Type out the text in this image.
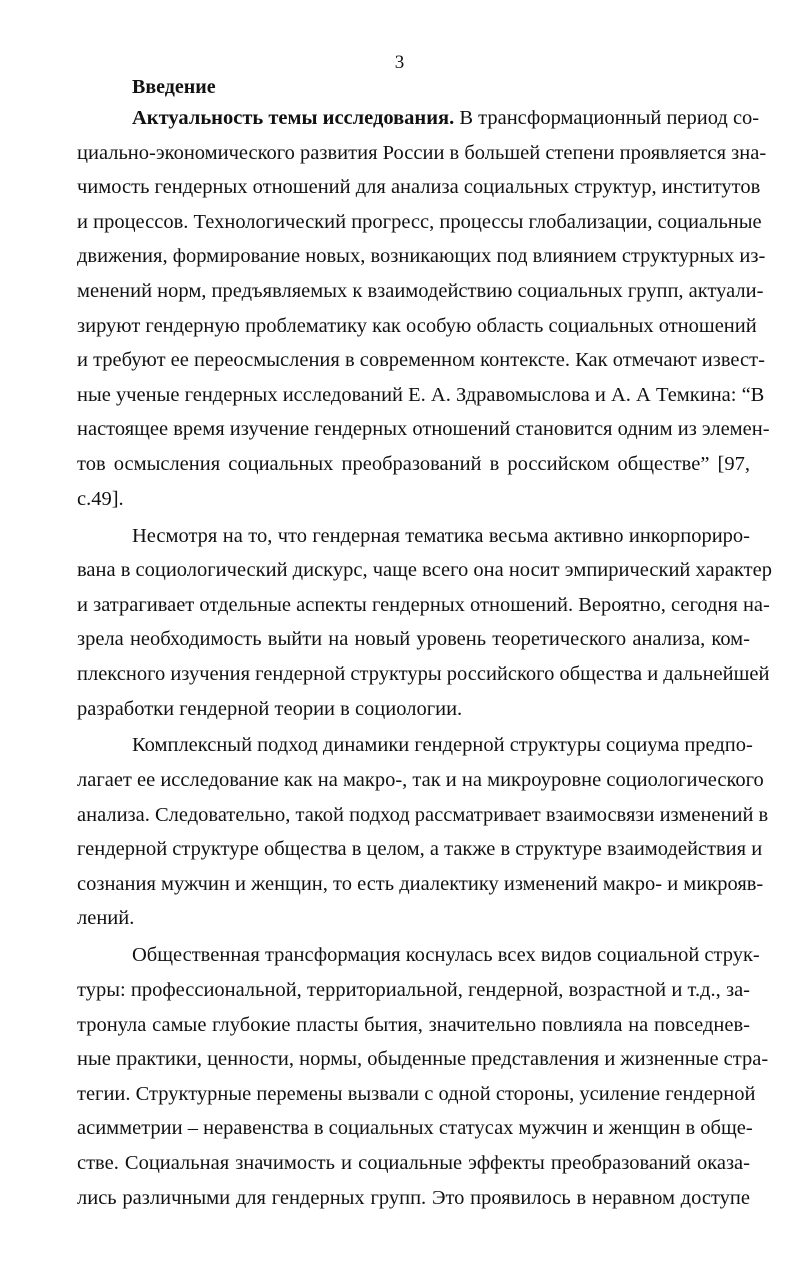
3
Введение
Актуальность темы исследования. В трансформационный период со-
циально-экономического развития России в большей степени проявляется зна-
чимость гендерных отношений для анализа социальных структур, институтов
и процессов. Технологический прогресс, процессы глобализации, социальные
движения, формирование новых, возникающих под влиянием структурных из-
менений норм, предъявляемых к взаимодействию социальных групп, актуали-
зируют гендерную проблематику как особую область социальных отношений
и требуют ее переосмысления в современном контексте. Как отмечают извест-
ные ученые гендерных исследований Е. А. Здравомыслова и А. А Темкина: “В
настоящее время изучение гендерных отношений становится одним из элемен-
тов осмысления социальных преобразований в российском обществе” [97,
с.49].
Несмотря на то, что гендерная тематика весьма активно инкорпориро-
вана в социологический дискурс, чаще всего она носит эмпирический характер
и затрагивает отдельные аспекты гендерных отношений. Вероятно, сегодня на-
зрела необходимость выйти на новый уровень теоретического анализа, ком-
плексного изучения гендерной структуры российского общества и дальнейшей
разработки гендерной теории в социологии.
Комплексный подход динамики гендерной структуры социума предпо-
лагает ее исследование как на макро-, так и на микроуровне социологического
анализа. Следовательно, такой подход рассматривает взаимосвязи изменений в
гендерной структуре общества в целом, а также в структуре взаимодействия и
сознания мужчин и женщин, то есть диалектику изменений макро- и микрояв-
лений.
Общественная трансформация коснулась всех видов социальной струк-
туры: профессиональной, территориальной, гендерной, возрастной и т.д., за-
тронула самые глубокие пласты бытия, значительно повлияла на повседнев-
ные практики, ценности, нормы, обыденные представления и жизненные стра-
тегии. Структурные перемены вызвали с одной стороны, усиление гендерной
асимметрии – неравенства в социальных статусах мужчин и женщин в обще-
стве. Социальная значимость и социальные эффекты преобразований оказа-
лись различными для гендерных групп. Это проявилось в неравном доступе
